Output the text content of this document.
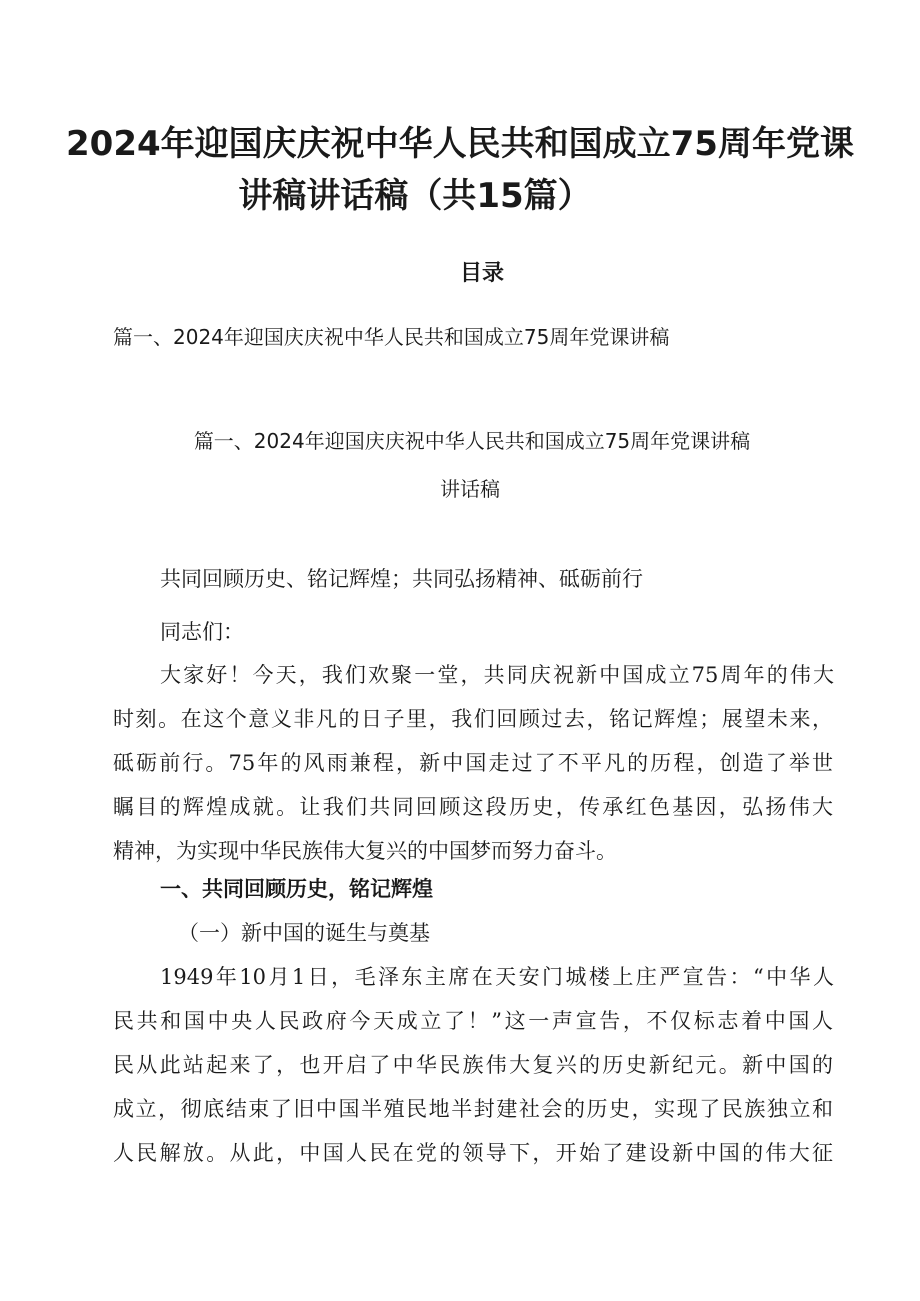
2024年迎国庆庆祝中华人民共和国成立75周年党课
讲稿讲话稿（共15篇）
目录
篇一、2024年迎国庆庆祝中华人民共和国成立75周年党课讲稿
篇一、2024年迎国庆庆祝中华人民共和国成立75周年党课讲稿
讲话稿

共同回顾历史、铭记辉煌；共同弘扬精神、砥砺前行

同志们：

大家好！今天，我们欢聚一堂，共同庆祝新中国成立75周年的伟大

时刻。在这个意义非凡的日子里，我们回顾过去，铭记辉煌；展望未来，

砥砺前行。75年的风雨兼程，新中国走过了不平凡的历程，创造了举世

瞩目的辉煌成就。让我们共同回顾这段历史，传承红色基因，弘扬伟大

精神，为实现中华民族伟大复兴的中国梦而努力奋斗。

一、共同回顾历史，铭记辉煌
（一）新中国的诞生与奠基

1949年10月1日，毛泽东主席在天安门城楼上庄严宣告：“中华人

民共和国中央人民政府今天成立了！”这一声宣告，不仅标志着中国人

民从此站起来了，也开启了中华民族伟大复兴的历史新纪元。新中国的

成立，彻底结束了旧中国半殖民地半封建社会的历史，实现了民族独立和

人民解放。从此，中国人民在党的领导下，开始了建设新中国的伟大征
